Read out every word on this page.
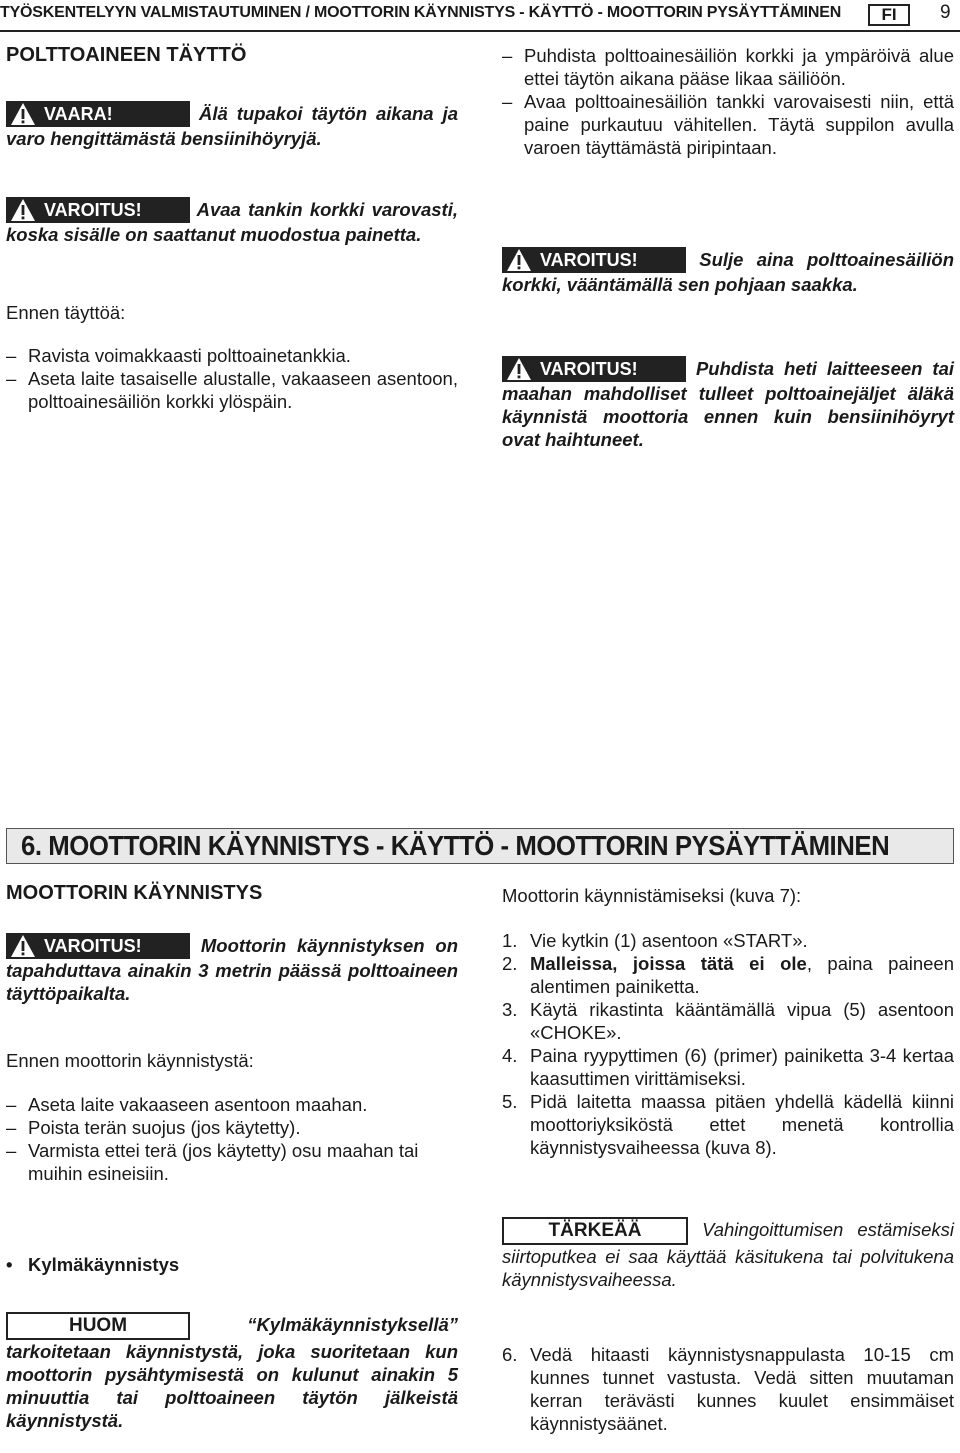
TYÖSKENTELYYN VALMISTAUTUMINEN / MOOTTORIN KÄYNNISTYS - KÄYTTÖ - MOOTTORIN PYSÄYTTÄMINEN	FI	9
POLTTOAINEEN TÄYTTÖ

VAARA!	Älä tupakoi täytön aikana ja varo hengittämästä bensiinihöyryjä.

VAROITUS!	Avaa tankin korkki varovasti, koska sisälle on saattanut muodostua painetta.

Ennen täyttöä:

– Ravista voimakkaasti polttoainetankkia.
– Aseta laite tasaiselle alustalle, vakaaseen asentoon, polttoainesäiliön korkki ylöspäin.
– Puhdista polttoainesäiliön korkki ja ympäröivä alue ettei täytön aikana pääse likaa säiliöön.
– Avaa polttoainesäiliön tankki varovaisesti niin, että paine purkautuu vähitellen. Täytä suppilon avulla varoen täyttämästä piripintaan.

VAROITUS!	Sulje aina polttoainesäiliön korkki, vääntämällä sen pohjaan saakka.

VAROITUS!	Puhdista heti laitteeseen tai maahan mahdolliset tulleet polttoainejäljet äläkä käynnistä moottoria ennen kuin bensiinihöyryt ovat haihtuneet.

6. MOOTTORIN KÄYNNISTYS - KÄYTTÖ - MOOTTORIN PYSÄYTTÄMINEN
MOOTTORIN KÄYNNISTYS

VAROITUS!	Moottorin käynnistyksen on tapahduttava ainakin 3 metrin päässä polttoaineen täyttöpaikalta.

Ennen moottorin käynnistystä:

– Aseta laite vakaaseen asentoon maahan.
– Poista terän suojus (jos käytetty).
– Varmista ettei terä (jos käytetty) osu maahan tai muihin esineisiin.

• Kylmäkäynnistys

HUOM	“Kylmäkäynnistyksellä” tarkoitetaan käynnistystä, joka suoritetaan kun moottorin pysähtymisestä on kulunut ainakin 5 minuuttia tai polttoaineen täytön jälkeistä käynnistystä.

Moottorin käynnistämiseksi (kuva 7):

1. Vie kytkin (1) asentoon «START».
2. Malleissa, joissa tätä ei ole, paina paineen alentimen painiketta.
3. Käytä rikastinta kääntämällä vipua (5) asentoon «CHOKE».
4. Paina ryypyttimen (6) (primer) painiketta 3-4 kertaa kaasuttimen virittämiseksi.
5. Pidä laitetta maassa pitäen yhdellä kädellä kiinni moottoriyksiköstä ettet menetä kontrollia käynnistysvaiheessa (kuva 8).

TÄRKEÄÄ	Vahingoittumisen estämiseksi siirtoputkea ei saa käyttää käsitukena tai polvitukena käynnistysvaiheessa.

6. Vedä hitaasti käynnistysnappulasta 10-15 cm kunnes tunnet vastusta. Vedä sitten muutaman kerran terävästi kunnes kuulet ensimmäiset käynnistysäänet.
